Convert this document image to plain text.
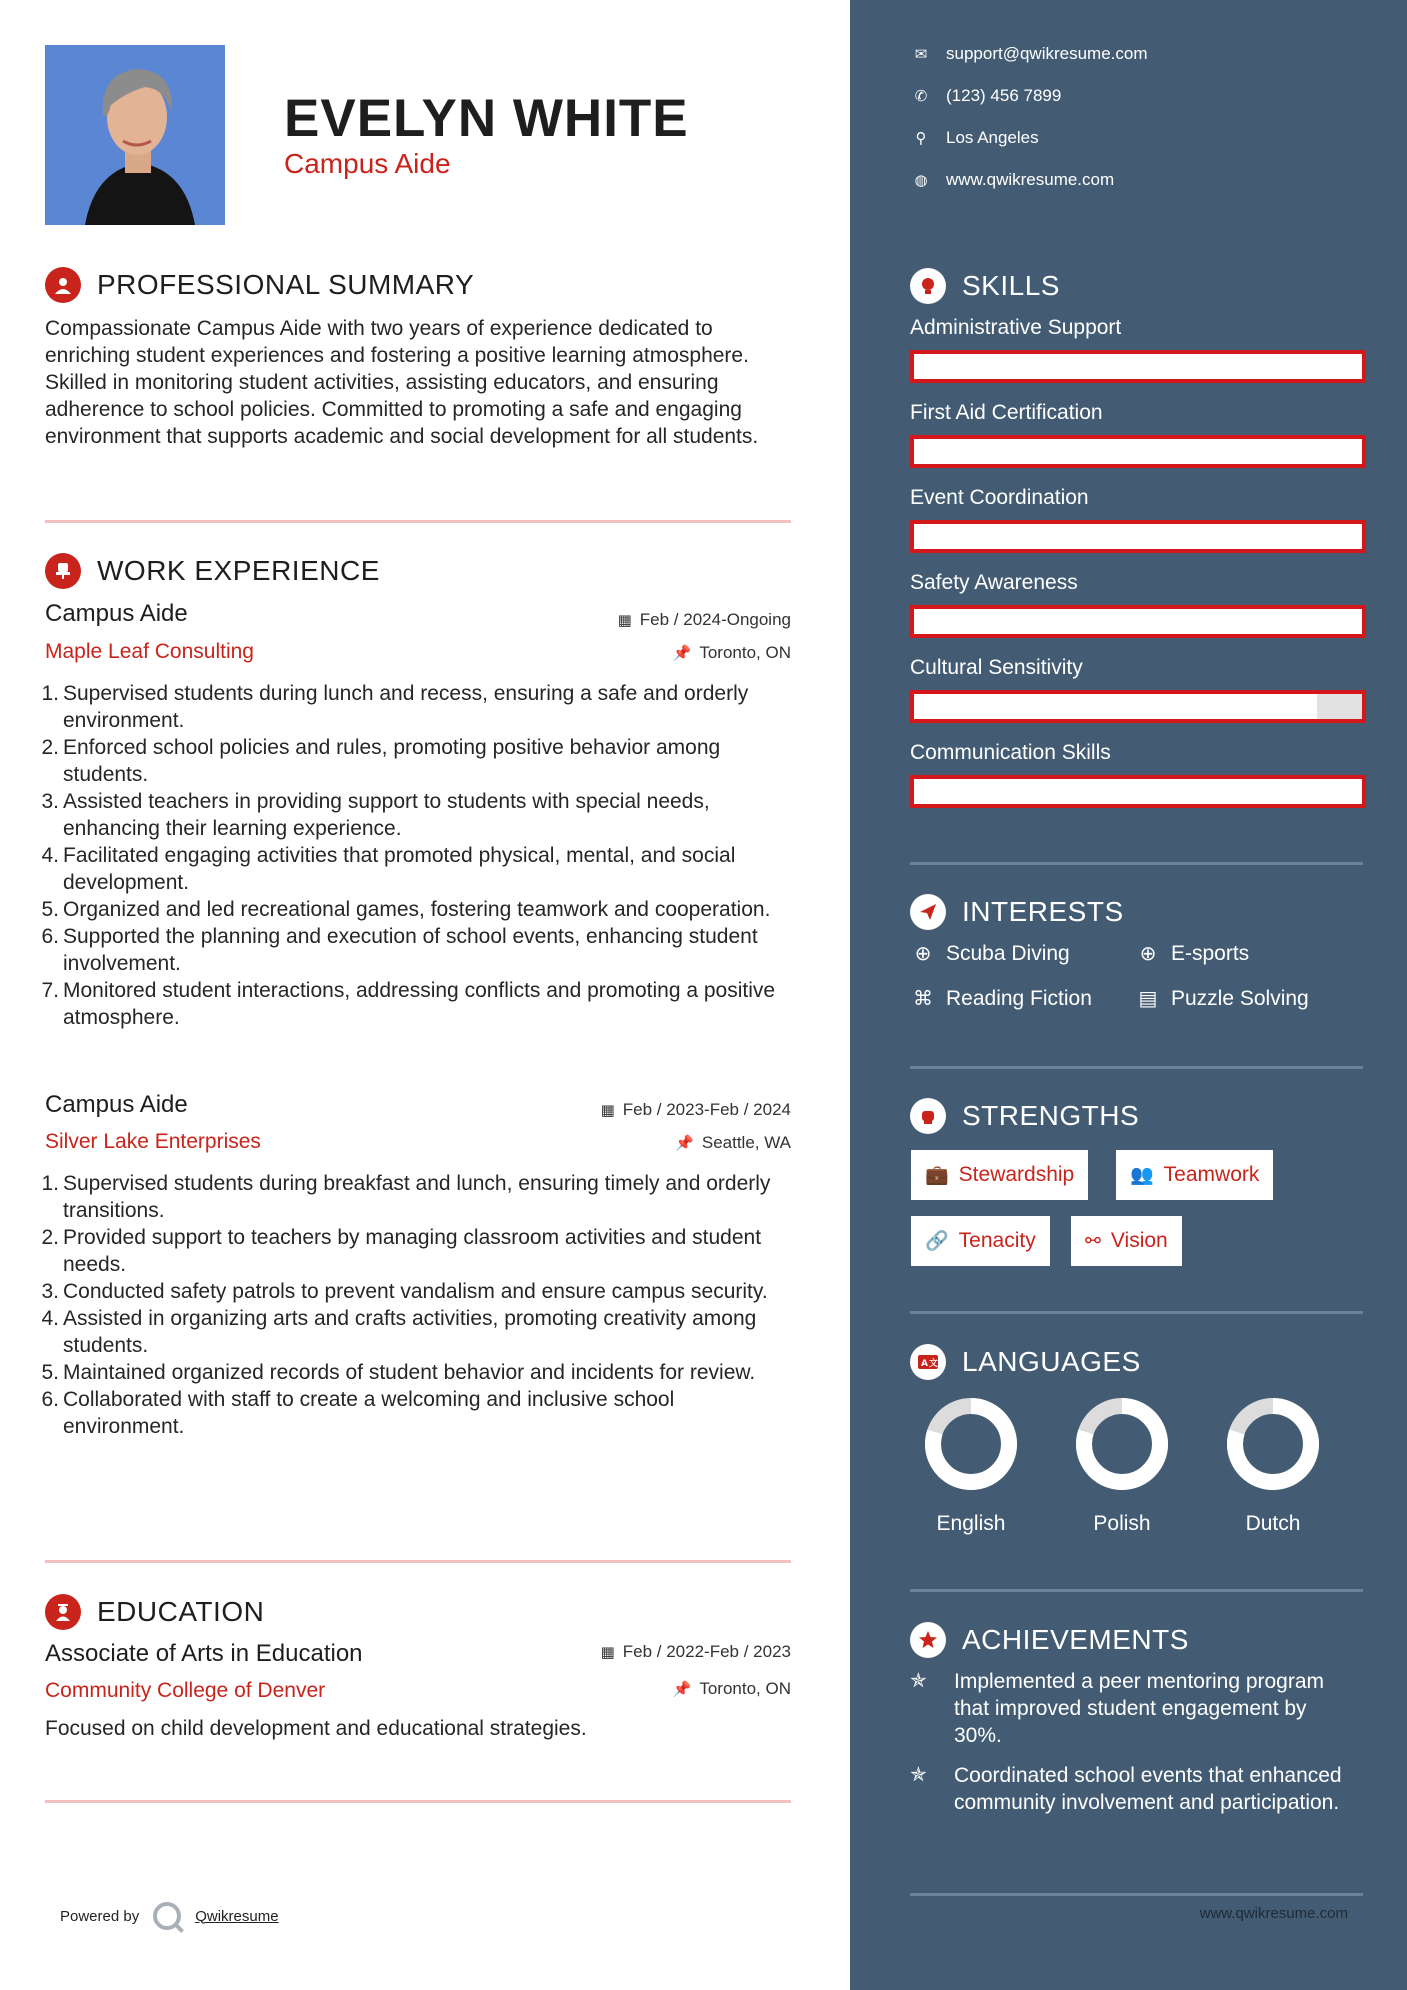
EVELYN WHITE
Campus Aide
PROFESSIONAL SUMMARY
Compassionate Campus Aide with two years of experience dedicated to enriching student experiences and fostering a positive learning atmosphere. Skilled in monitoring student activities, assisting educators, and ensuring adherence to school policies. Committed to promoting a safe and engaging environment that supports academic and social development for all students.
WORK EXPERIENCE
Campus Aide	▦ Feb / 2024-Ongoing
Maple Leaf Consulting	📌 Toronto, ON
1. Supervised students during lunch and recess, ensuring a safe and orderly environment.
2. Enforced school policies and rules, promoting positive behavior among students.
3. Assisted teachers in providing support to students with special needs, enhancing their learning experience.
4. Facilitated engaging activities that promoted physical, mental, and social development.
5. Organized and led recreational games, fostering teamwork and cooperation.
6. Supported the planning and execution of school events, enhancing student involvement.
7. Monitored student interactions, addressing conflicts and promoting a positive atmosphere.
Campus Aide	▦ Feb / 2023-Feb / 2024
Silver Lake Enterprises	📌 Seattle, WA
1. Supervised students during breakfast and lunch, ensuring timely and orderly transitions.
2. Provided support to teachers by managing classroom activities and student needs.
3. Conducted safety patrols to prevent vandalism and ensure campus security.
4. Assisted in organizing arts and crafts activities, promoting creativity among students.
5. Maintained organized records of student behavior and incidents for review.
6. Collaborated with staff to create a welcoming and inclusive school environment.
EDUCATION
Associate of Arts in Education	▦ Feb / 2022-Feb / 2023
Community College of Denver	📌 Toronto, ON
Focused on child development and educational strategies.
Powered by	Qwikresume
✉ support@qwikresume.com
✆ (123) 456 7899
⚲	Los Angeles
◍ www.qwikresume.com
SKILLS
Administrative Support
First Aid Certification
Event Coordination
Safety Awareness
Cultural Sensitivity
Communication Skills
INTERESTS
⊕ Scuba Diving	⊕ E-sports
⌘ Reading Fiction ▤ Puzzle Solving
STRENGTHS
💼 Stewardship	👥 Teamwork
🔗 Tenacity	⚯ Vision
A 文 LANGUAGES
English	Polish	Dutch
ACHIEVEMENTS
✯	Implemented a peer mentoring program that improved student engagement by 30%.
✯	Coordinated school events that enhanced community involvement and participation.
www.qwikresume.com
